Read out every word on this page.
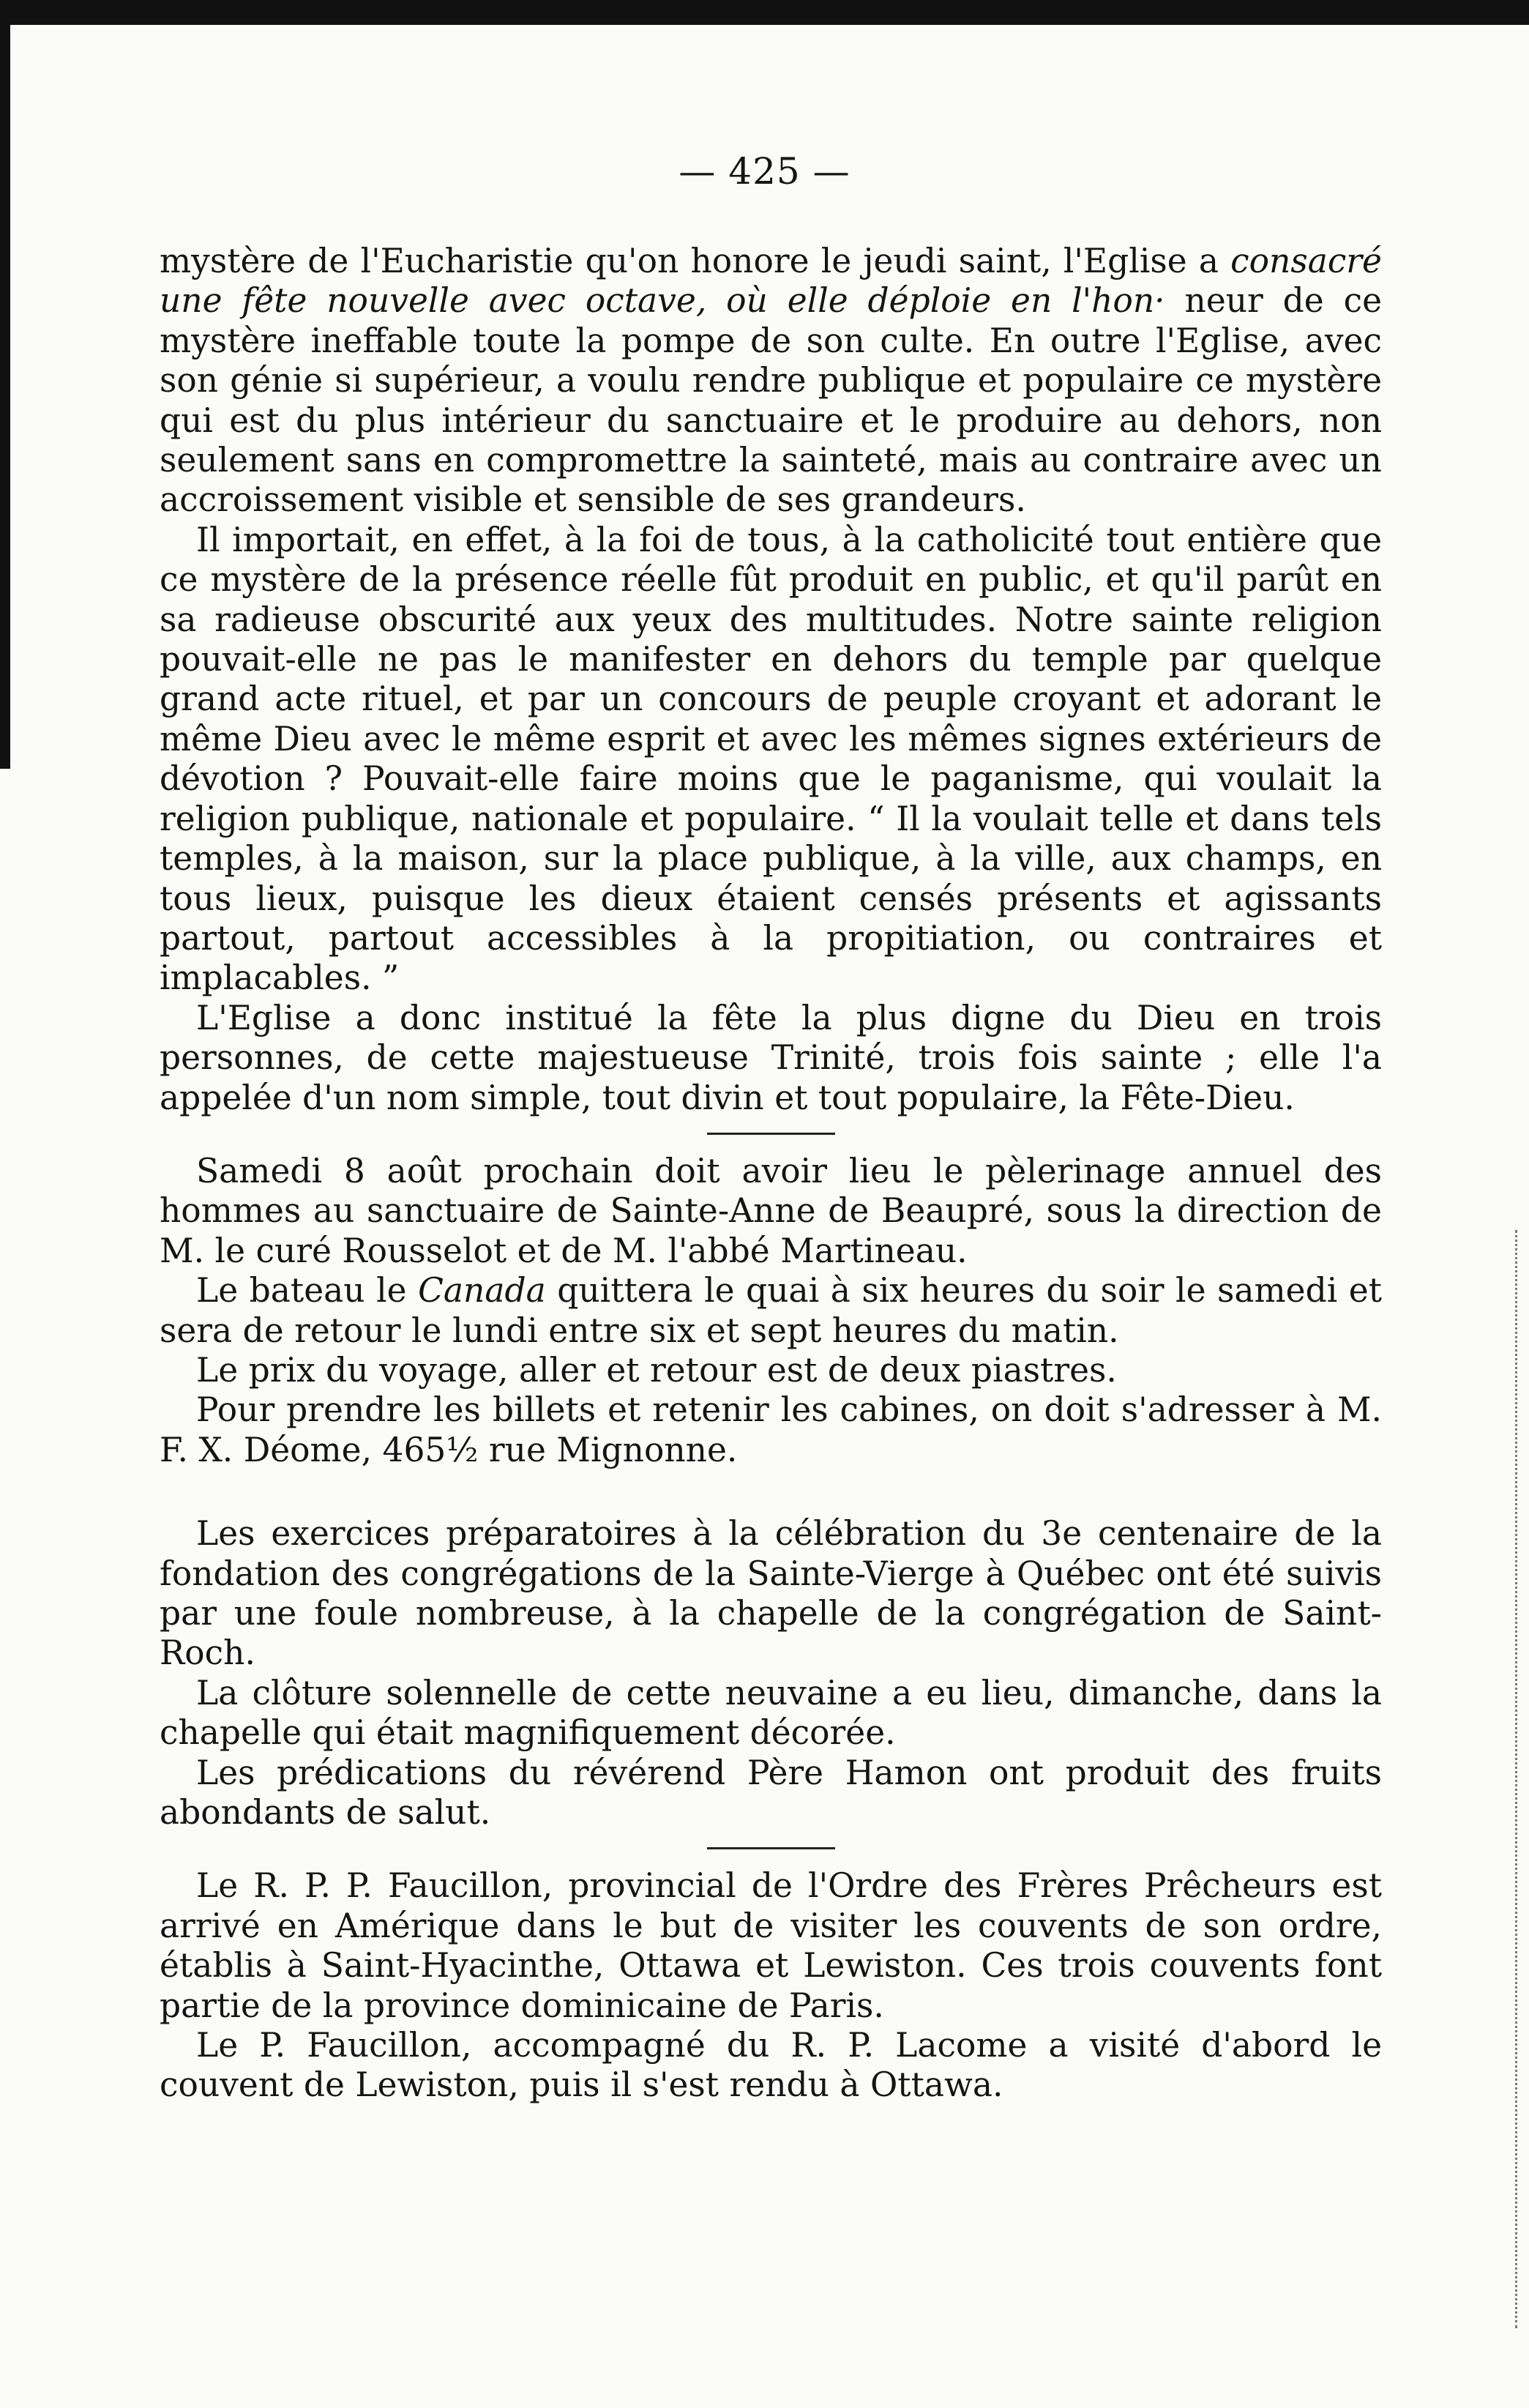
— 425 —

mystère de l'Eucharistie qu'on honore le jeudi saint, l'Eglise a consacré une fête nouvelle avec octave, où elle déploie en l'hon· neur de ce mystère ineffable toute la pompe de son culte. En outre l'Eglise, avec son génie si supérieur, a voulu rendre publique et populaire ce mystère qui est du plus intérieur du sanctuaire et le produire au dehors, non seulement sans en compromettre la sainteté, mais au contraire avec un accroissement visible et sensible de ses grandeurs.

Il importait, en effet, à la foi de tous, à la catholicité tout entière que ce mystère de la présence réelle fût produit en public, et qu'il parût en sa radieuse obscurité aux yeux des multitudes. Notre sainte religion pouvait-elle ne pas le manifester en dehors du temple par quelque grand acte rituel, et par un concours de peuple croyant et adorant le même Dieu avec le même esprit et avec les mêmes signes extérieurs de dévotion ? Pouvait-elle faire moins que le paganisme, qui voulait la religion publique, nationale et populaire. “ Il la voulait telle et dans tels temples, à la maison, sur la place publique, à la ville, aux champs, en tous lieux, puisque les dieux étaient censés présents et agissants partout, partout accessibles à la propitiation, ou contraires et implacables. ”

L'Eglise a donc institué la fête la plus digne du Dieu en trois personnes, de cette majestueuse Trinité, trois fois sainte ; elle l'a appelée d'un nom simple, tout divin et tout populaire, la Fête-Dieu.

Samedi 8 août prochain doit avoir lieu le pèlerinage annuel des hommes au sanctuaire de Sainte-Anne de Beaupré, sous la direction de M. le curé Rousselot et de M. l'abbé Martineau.

Le bateau le Canada quittera le quai à six heures du soir le samedi et sera de retour le lundi entre six et sept heures du matin.

Le prix du voyage, aller et retour est de deux piastres.

Pour prendre les billets et retenir les cabines, on doit s'adresser à M. F. X. Déome, 465½ rue Mignonne.

Les exercices préparatoires à la célébration du 3e centenaire de la fondation des congrégations de la Sainte-Vierge à Québec ont été suivis par une foule nombreuse, à la chapelle de la congrégation de Saint-Roch.

La clôture solennelle de cette neuvaine a eu lieu, dimanche, dans la chapelle qui était magnifiquement décorée.

Les prédications du révérend Père Hamon ont produit des fruits abondants de salut.

Le R. P. P. Faucillon, provincial de l'Ordre des Frères Prêcheurs est arrivé en Amérique dans le but de visiter les couvents de son ordre, établis à Saint-Hyacinthe, Ottawa et Lewiston. Ces trois couvents font partie de la province dominicaine de Paris.

Le P. Faucillon, accompagné du R. P. Lacome a visité d'abord le couvent de Lewiston, puis il s'est rendu à Ottawa.
